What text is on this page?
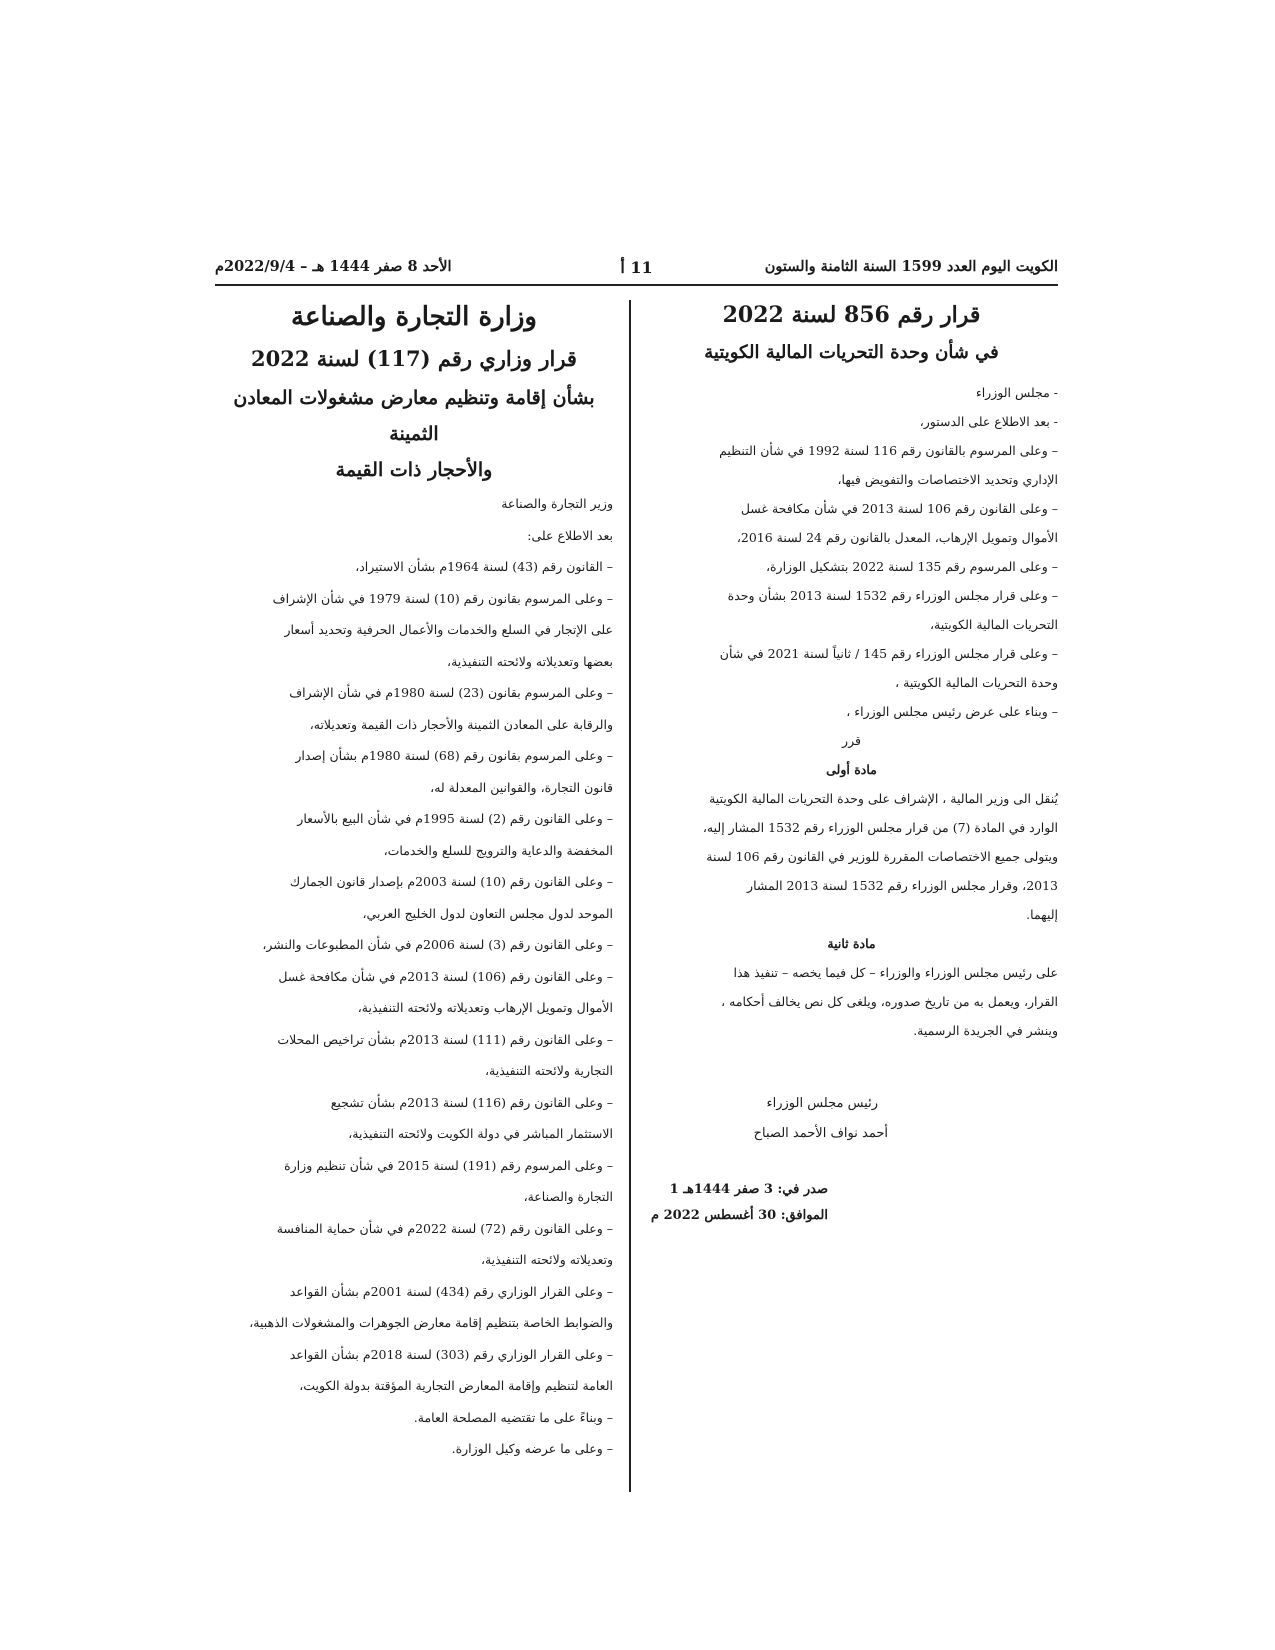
الكويت اليوم العدد 1599 السنة الثامنة والستون
11 أ
الأحد 8 صفر 1444 هـ – 2022/9/4م
قرار رقم 856 لسنة 2022
في شأن وحدة التحريات المالية الكويتية

- مجلس الوزراء

- بعد الاطلاع على الدستور،

– وعلى المرسوم بالقانون رقم 116 لسنة 1992 في شأن التنظيم

الإداري وتحديد الاختصاصات والتفويض فيها،

– وعلى القانون رقم 106 لسنة 2013 في شأن مكافحة غسل

الأموال وتمويل الإرهاب، المعدل بالقانون رقم 24 لسنة 2016،

– وعلى المرسوم رقم 135 لسنة 2022 بتشكيل الوزارة،

– وعلى قرار مجلس الوزراء رقم 1532 لسنة 2013 بشأن وحدة

التحريات المالية الكويتية،

– وعلى قرار مجلس الوزراء رقم 145 / ثانياً لسنة 2021 في شأن

وحدة التحريات المالية الكويتية ،

– وبناء على عرض رئيس مجلس الوزراء ،

قرر

مادة أولى

يُنقل الى وزير المالية ، الإشراف على وحدة التحريات المالية الكويتية

الوارد في المادة (7) من قرار مجلس الوزراء رقم 1532 المشار إليه،

ويتولى جميع الاختصاصات المقررة للوزير في القانون رقم 106 لسنة

2013، وقرار مجلس الوزراء رقم 1532 لسنة 2013 المشار

إليهما.

مادة ثانية

على رئيس مجلس الوزراء والوزراء – كل فيما يخصه – تنفيذ هذا

القرار، ويعمل به من تاريخ صدوره، ويلغى كل نص يخالف أحكامه ،

وينشر في الجريدة الرسمية.

رئيس مجلس الوزراء
أحمد نواف الأحمد الصباح
صدر في: 3 صفر 1444هـ 1
الموافق: 30 أغسطس 2022 م
وزارة التجارة والصناعة
قرار وزاري رقم (117) لسنة 2022
بشأن إقامة وتنظيم معارض مشغولات المعادن الثمينة
والأحجار ذات القيمة

وزير التجارة والصناعة

بعد الاطلاع على:

– القانون رقم (43) لسنة 1964م بشأن الاستيراد،

– وعلى المرسوم بقانون رقم (10) لسنة 1979 في شأن الإشراف

على الإتجار في السلع والخدمات والأعمال الحرفية وتحديد أسعار

بعضها وتعديلاته ولائحته التنفيذية،

– وعلى المرسوم بقانون (23) لسنة 1980م في شأن الإشراف

والرقابة على المعادن الثمينة والأحجار ذات القيمة وتعديلاته،

– وعلى المرسوم بقانون رقم (68) لسنة 1980م بشأن إصدار

قانون التجارة، والقوانين المعدلة له،

– وعلى القانون رقم (2) لسنة 1995م في شأن البيع بالأسعار

المخفضة والدعاية والترويج للسلع والخدمات،

– وعلى القانون رقم (10) لسنة 2003م بإصدار قانون الجمارك

الموحد لدول مجلس التعاون لدول الخليج العربي،

– وعلى القانون رقم (3) لسنة 2006م في شأن المطبوعات والنشر،

– وعلى القانون رقم (106) لسنة 2013م في شأن مكافحة غسل

الأموال وتمويل الإرهاب وتعديلاته ولائحته التنفيذية،

– وعلى القانون رقم (111) لسنة 2013م بشأن تراخيص المحلات

التجارية ولائحته التنفيذية،

– وعلى القانون رقم (116) لسنة 2013م بشأن تشجيع

الاستثمار المباشر في دولة الكويت ولائحته التنفيذية،

– وعلى المرسوم رقم (191) لسنة 2015 في شأن تنظيم وزارة

التجارة والصناعة،

– وعلى القانون رقم (72) لسنة 2022م في شأن حماية المنافسة

وتعديلاته ولائحته التنفيذية،

– وعلى القرار الوزاري رقم (434) لسنة 2001م بشأن القواعد

والضوابط الخاصة بتنظيم إقامة معارض الجوهرات والمشغولات الذهبية،

– وعلى القرار الوزاري رقم (303) لسنة 2018م بشأن القواعد

العامة لتنظيم وإقامة المعارض التجارية المؤقتة بدولة الكويت،

– وبناءً على ما تقتضيه المصلحة العامة.

– وعلى ما عرضه وكيل الوزارة.
